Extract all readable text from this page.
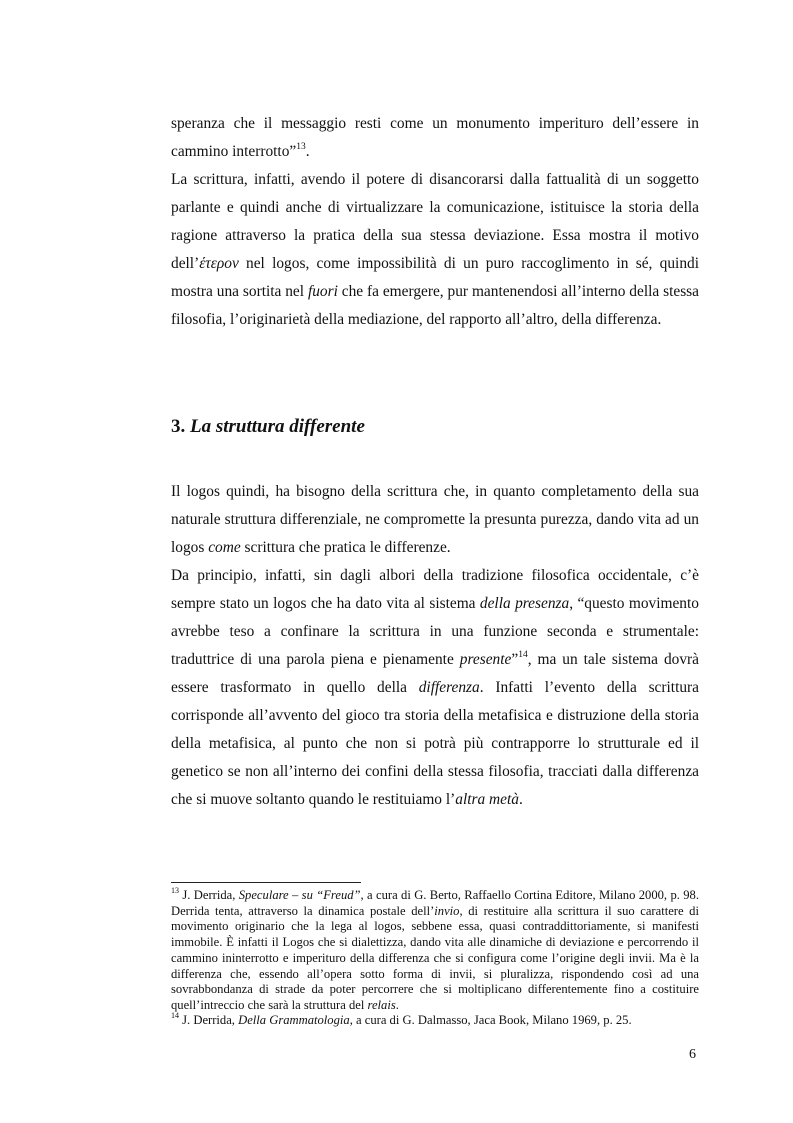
speranza che il messaggio resti come un monumento imperituro dell’essere in cammino interrotto”$^{13}$.

La scrittura, infatti, avendo il potere di disancorarsi dalla fattualità di un soggetto parlante e quindi anche di virtualizzare la comunicazione, istituisce la storia della ragione attraverso la pratica della sua stessa deviazione. Essa mostra il motivo dell’έτερον nel logos, come impossibilità di un puro raccoglimento in sé, quindi mostra una sortita nel fuori che fa emergere, pur mantenendosi all’interno della stessa filosofia, l’originarietà della mediazione, del rapporto all’altro, della differenza.

3. La struttura differente

Il logos quindi, ha bisogno della scrittura che, in quanto completamento della sua naturale struttura differenziale, ne compromette la presunta purezza, dando vita ad un logos come scrittura che pratica le differenze.

Da principio, infatti, sin dagli albori della tradizione filosofica occidentale, c’è sempre stato un logos che ha dato vita al sistema della presenza, “questo movimento avrebbe teso a confinare la scrittura in una funzione seconda e strumentale: traduttrice di una parola piena e pienamente presente”$^{14}$, ma un tale sistema dovrà essere trasformato in quello della differenza. Infatti l’evento della scrittura corrisponde all’avvento del gioco tra storia della metafisica e distruzione della storia della metafisica, al punto che non si potrà più contrapporre lo strutturale ed il genetico se non all’interno dei confini della stessa filosofia, tracciati dalla differenza che si muove soltanto quando le restituiamo l’altra metà.

$^{13}$ J. Derrida, Speculare – su “Freud”, a cura di G. Berto, Raffaello Cortina Editore, Milano 2000, p. 98. Derrida tenta, attraverso la dinamica postale dell’invio, di restituire alla scrittura il suo carattere di movimento originario che la lega al logos, sebbene essa, quasi contraddittoriamente, si manifesti immobile. È infatti il Logos che si dialettizza, dando vita alle dinamiche di deviazione e percorrendo il cammino ininterrotto e imperituro della differenza che si configura come l’origine degli invii. Ma è la differenza che, essendo all’opera sotto forma di invii, si pluralizza, rispondendo così ad una sovrabbondanza di strade da poter percorrere che si moltiplicano differentemente fino a costituire quell’intreccio che sarà la struttura del relais.

$^{14}$ J. Derrida, Della Grammatologia, a cura di G. Dalmasso, Jaca Book, Milano 1969, p. 25.

6
